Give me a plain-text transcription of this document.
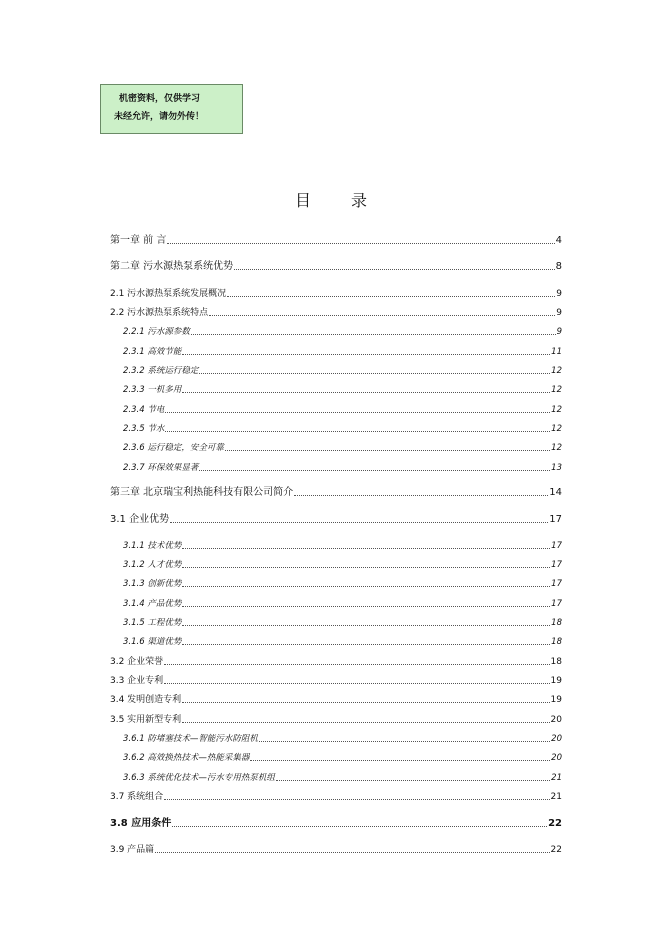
机密资料，仅供学习
未经允许，请勿外传！
目录
第一章 前 言	4
第二章 污水源热泵系统优势	8
2.1 污水源热泵系统发展概况	9
2.2 污水源热泵系统特点	9
2.2.1 污水源参数	9
2.3.1 高效节能	11
2.3.2 系统运行稳定	12
2.3.3 一机多用	12
2.3.4 节电	12
2.3.5 节水	12
2.3.6 运行稳定，安全可靠	12
2.3.7 环保效果显著	13
第三章 北京瑞宝利热能科技有限公司简介	14
3.1 企业优势	17
3.1.1 技术优势	17
3.1.2 人才优势	17
3.1.3 创新优势	17
3.1.4 产品优势	17
3.1.5 工程优势	18
3.1.6 渠道优势	18
3.2 企业荣誉	18
3.3 企业专利	19
3.4 发明创造专利	19
3.5 实用新型专利	20
3.6.1 防堵塞技术—智能污水防阻机	20
3.6.2 高效换热技术—热能采集器	20
3.6.3 系统优化技术—污水专用热泵机组	21
3.7 系统组合	21
3.8 应用条件	22
3.9 产品篇	22
